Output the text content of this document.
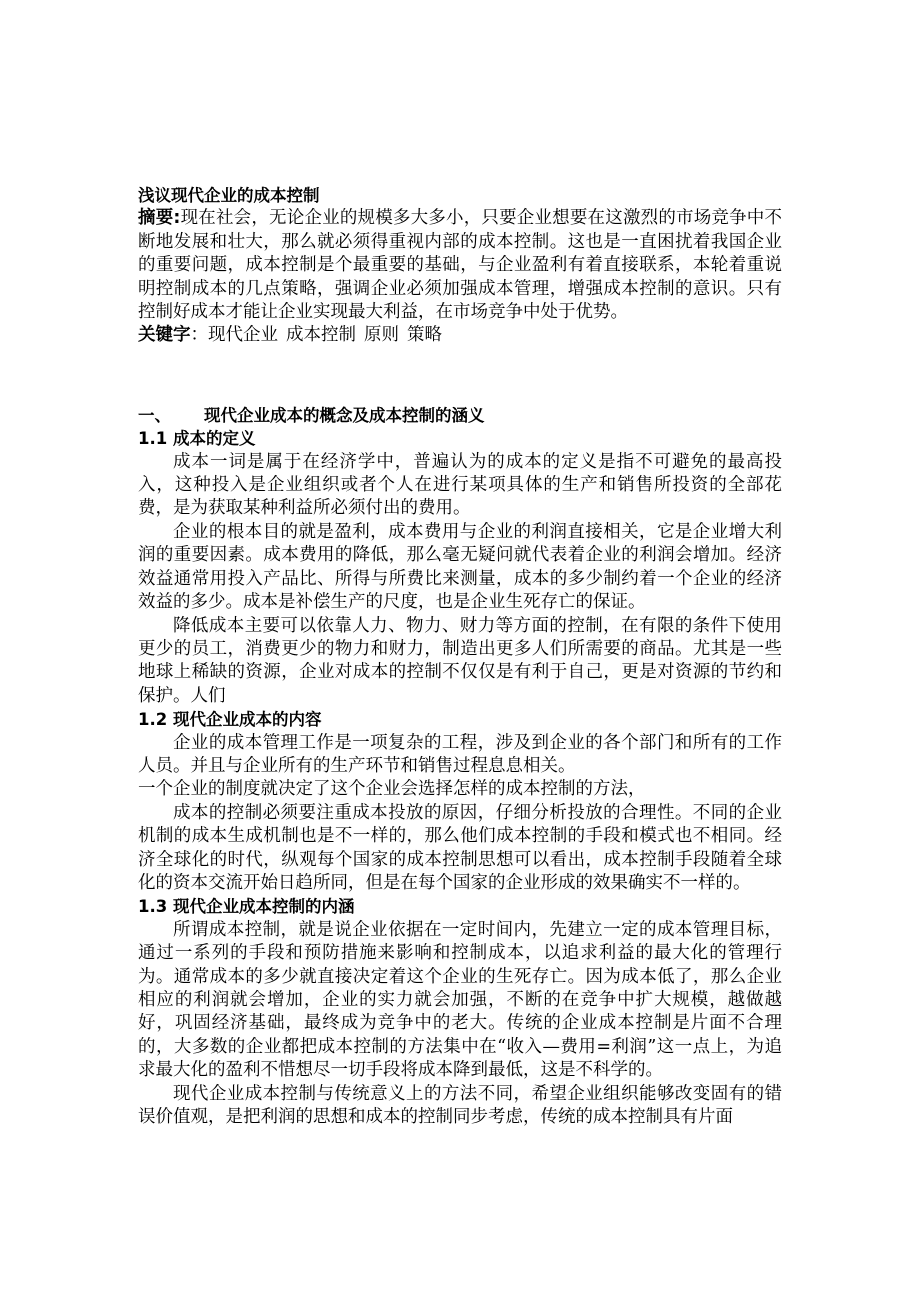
浅议现代企业的成本控制

摘要:现在社会，无论企业的规模多大多小，只要企业想要在这激烈的市场竞争中不断地发展和壮大，那么就必须得重视内部的成本控制。这也是一直困扰着我国企业的重要问题，成本控制是个最重要的基础，与企业盈利有着直接联系，本轮着重说明控制成本的几点策略，强调企业必须加强成本管理，增强成本控制的意识。只有控制好成本才能让企业实现最大利益，在市场竞争中处于优势。

关键字：现代企业 成本控制 原则 策略

一、 现代企业成本的概念及成本控制的涵义

1.1 成本的定义

成本一词是属于在经济学中，普遍认为的成本的定义是指不可避免的最高投入，这种投入是企业组织或者个人在进行某项具体的生产和销售所投资的全部花费，是为获取某种利益所必须付出的费用。

企业的根本目的就是盈利，成本费用与企业的利润直接相关，它是企业增大利润的重要因素。成本费用的降低，那么毫无疑问就代表着企业的利润会增加。经济效益通常用投入产品比、所得与所费比来测量，成本的多少制约着一个企业的经济效益的多少。成本是补偿生产的尺度，也是企业生死存亡的保证。

降低成本主要可以依靠人力、物力、财力等方面的控制，在有限的条件下使用更少的员工，消费更少的物力和财力，制造出更多人们所需要的商品。尤其是一些地球上稀缺的资源，企业对成本的控制不仅仅是有利于自己，更是对资源的节约和保护。人们

1.2 现代企业成本的内容

企业的成本管理工作是一项复杂的工程，涉及到企业的各个部门和所有的工作人员。并且与企业所有的生产环节和销售过程息息相关。

一个企业的制度就决定了这个企业会选择怎样的成本控制的方法，

成本的控制必须要注重成本投放的原因，仔细分析投放的合理性。不同的企业机制的成本生成机制也是不一样的，那么他们成本控制的手段和模式也不相同。经济全球化的时代，纵观每个国家的成本控制思想可以看出，成本控制手段随着全球化的资本交流开始日趋所同，但是在每个国家的企业形成的效果确实不一样的。

1.3 现代企业成本控制的内涵

所谓成本控制，就是说企业依据在一定时间内，先建立一定的成本管理目标，通过一系列的手段和预防措施来影响和控制成本，以追求利益的最大化的管理行为。通常成本的多少就直接决定着这个企业的生死存亡。因为成本低了，那么企业相应的利润就会增加，企业的实力就会加强，不断的在竞争中扩大规模，越做越好，巩固经济基础，最终成为竞争中的老大。传统的企业成本控制是片面不合理的，大多数的企业都把成本控制的方法集中在“收入—费用=利润”这一点上，为追求最大化的盈利不惜想尽一切手段将成本降到最低，这是不科学的。

现代企业成本控制与传统意义上的方法不同，希望企业组织能够改变固有的错误价值观，是把利润的思想和成本的控制同步考虑，传统的成本控制具有片面
